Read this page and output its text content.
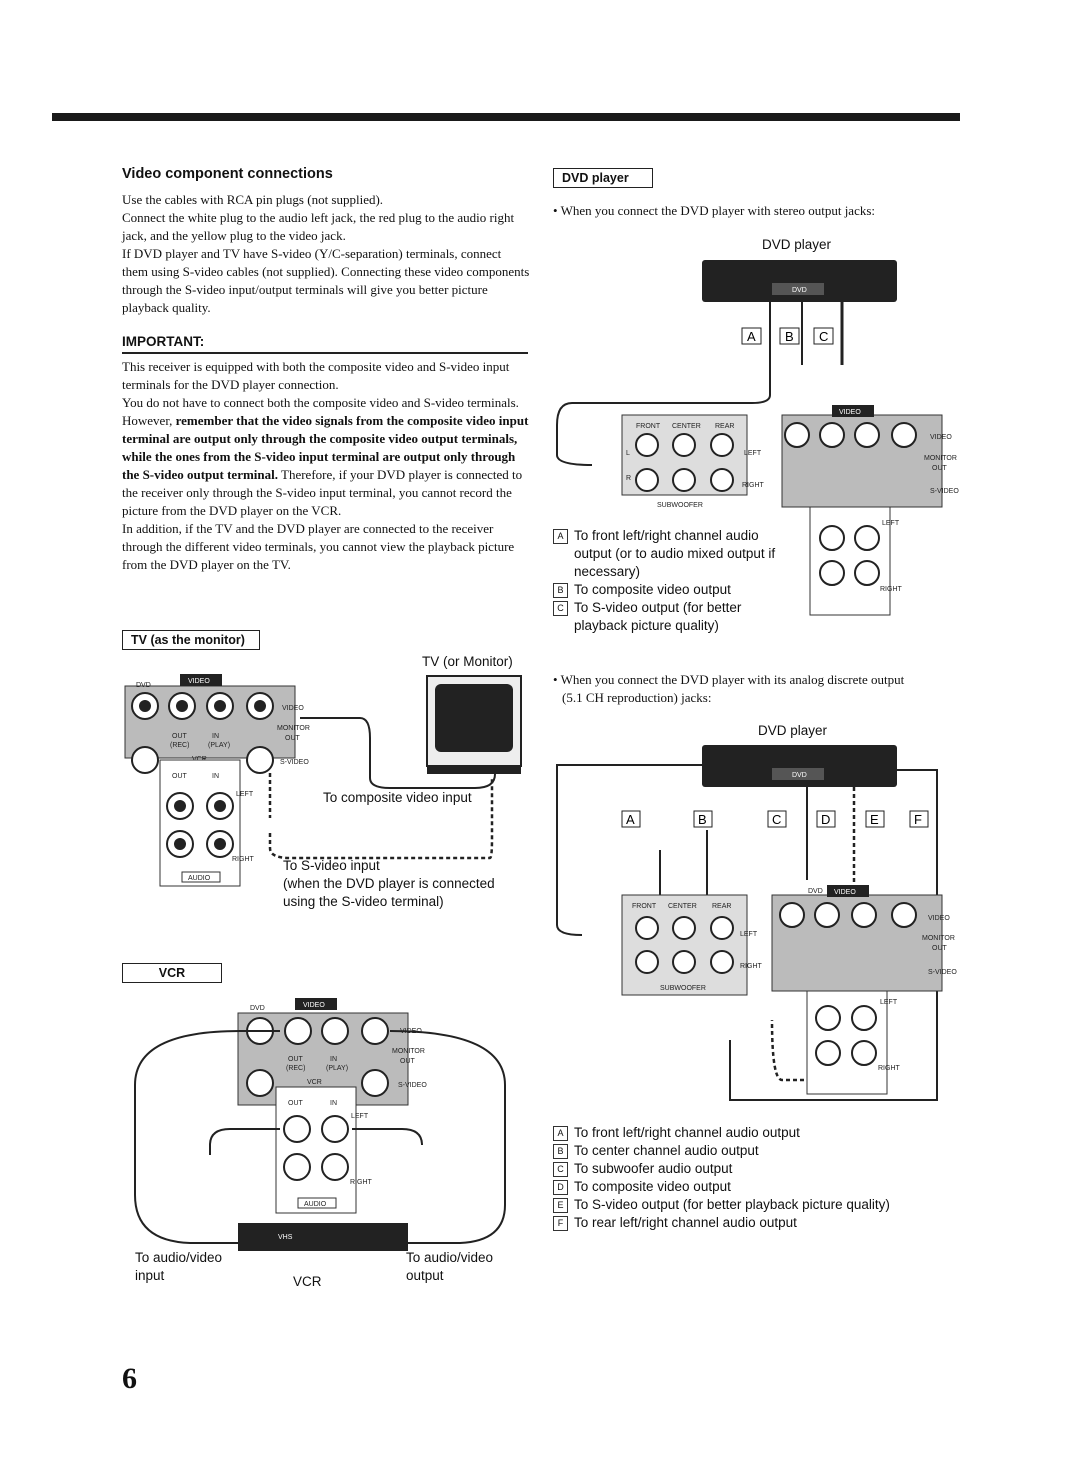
Video component connections
Use the cables with RCA pin plugs (not supplied).
Connect the white plug to the audio left jack, the red plug to the audio right jack, and the yellow plug to the video jack.
If DVD player and TV have S-video (Y/C-separation) terminals, connect them using S-video cables (not supplied). Connecting these video components through the S-video input/output terminals will give you better picture playback quality.
IMPORTANT:
This receiver is equipped with both the composite video and S-video input terminals for the DVD player connection.
You do not have to connect both the composite video and S-video terminals.
However, remember that the video signals from the composite video input terminal are output only through the composite video output terminals, while the ones from the S-video input terminal are output only through the S-video output terminal. Therefore, if your DVD player is connected to the receiver only through the S-video input terminal, you cannot record the picture from the DVD player on the VCR.
In addition, if the TV and the DVD player are connected to the receiver through the different video terminals, you cannot view the playback picture from the DVD player on the TV.
TV (as the monitor)
TV (or Monitor)
VIDEO
DVD
OUT	IN
(REC)	(PLAY)
VIDEO
MONITOR
OUT
S-VIDEO
OUT	IN
LEFT
RIGHT
AUDIO
To composite video input
To S-video input
(when the DVD player is connected
using the S-video terminal)
VCR
VIDEO
DVD
OUT	IN
(REC)	(PLAY)
VCR
VIDEO
MONITOR
OUT
S-VIDEO
OUT	IN
LEFT
RIGHT
AUDIO
VHS
To audio/video
input
To audio/video
output
VCR
DVD player
• When you connect the DVD player with stereo output jacks:
DVD player
DVD
A B C
FRONT CENTER REAR
SUBWOOFER
LEFT
RIGHT
L
R
VIDEO
VIDEO
MONITOR
OUT
S-VIDEO
LEFT
RIGHT
A To front left/right channel audio
output (or to audio mixed output if
necessary)
B To composite video output
C To S-video output (for better
playback picture quality)
• When you connect the DVD player with its analog discrete output
(5.1 CH reproduction) jacks:
DVD player
DVD
A	B	C	D	E	F
FRONT CENTER REAR
SUBWOOFER
LEFT
RIGHT
VIDEO
DVD
VIDEO
MONITOR
OUT
S-VIDEO
LEFT
RIGHT
A To front left/right channel audio output
B To center channel audio output
C To subwoofer audio output
D To composite video output
E To S-video output (for better playback picture quality)
F To rear left/right channel audio output
6
